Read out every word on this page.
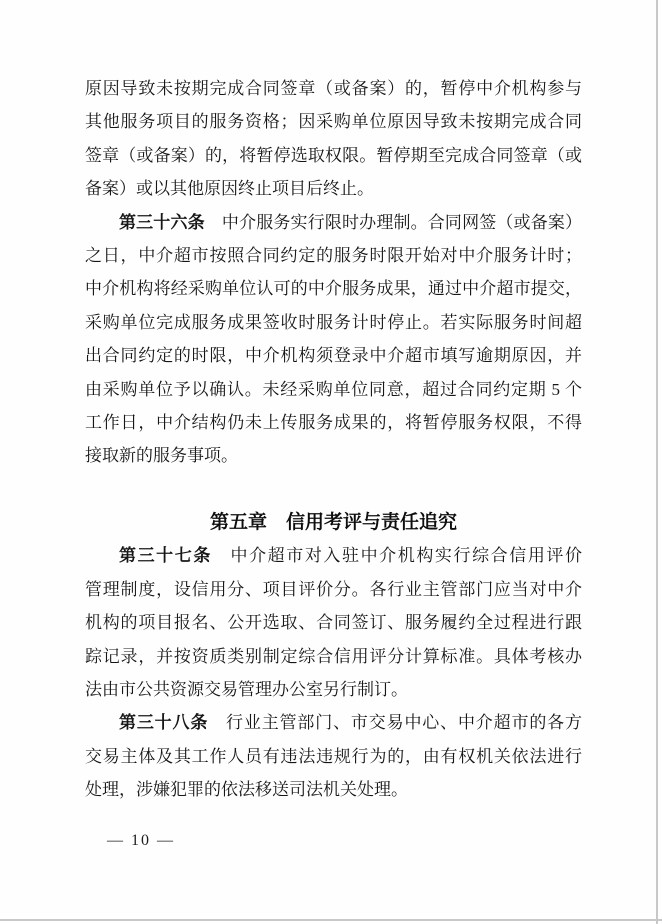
原因导致未按期完成合同签章（或备案）的，暂停中介机构参与
其他服务项目的服务资格；因采购单位原因导致未按期完成合同
签章（或备案）的，将暂停选取权限。暂停期至完成合同签章（或
备案）或以其他原因终止项目后终止。
第三十六条　中介服务实行限时办理制。合同网签（或备案）
之日，中介超市按照合同约定的服务时限开始对中介服务计时；
中介机构将经采购单位认可的中介服务成果，通过中介超市提交，
采购单位完成服务成果签收时服务计时停止。若实际服务时间超
出合同约定的时限，中介机构须登录中介超市填写逾期原因，并
由采购单位予以确认。未经采购单位同意，超过合同约定期 5 个
工作日，中介结构仍未上传服务成果的，将暂停服务权限，不得
接取新的服务事项。
第五章　信用考评与责任追究
第三十七条　中介超市对入驻中介机构实行综合信用评价
管理制度，设信用分、项目评价分。各行业主管部门应当对中介
机构的项目报名、公开选取、合同签订、服务履约全过程进行跟
踪记录，并按资质类别制定综合信用评分计算标准。具体考核办
法由市公共资源交易管理办公室另行制订。
第三十八条　行业主管部门、市交易中心、中介超市的各方
交易主体及其工作人员有违法违规行为的，由有权机关依法进行
处理，涉嫌犯罪的依法移送司法机关处理。
— 10 —
